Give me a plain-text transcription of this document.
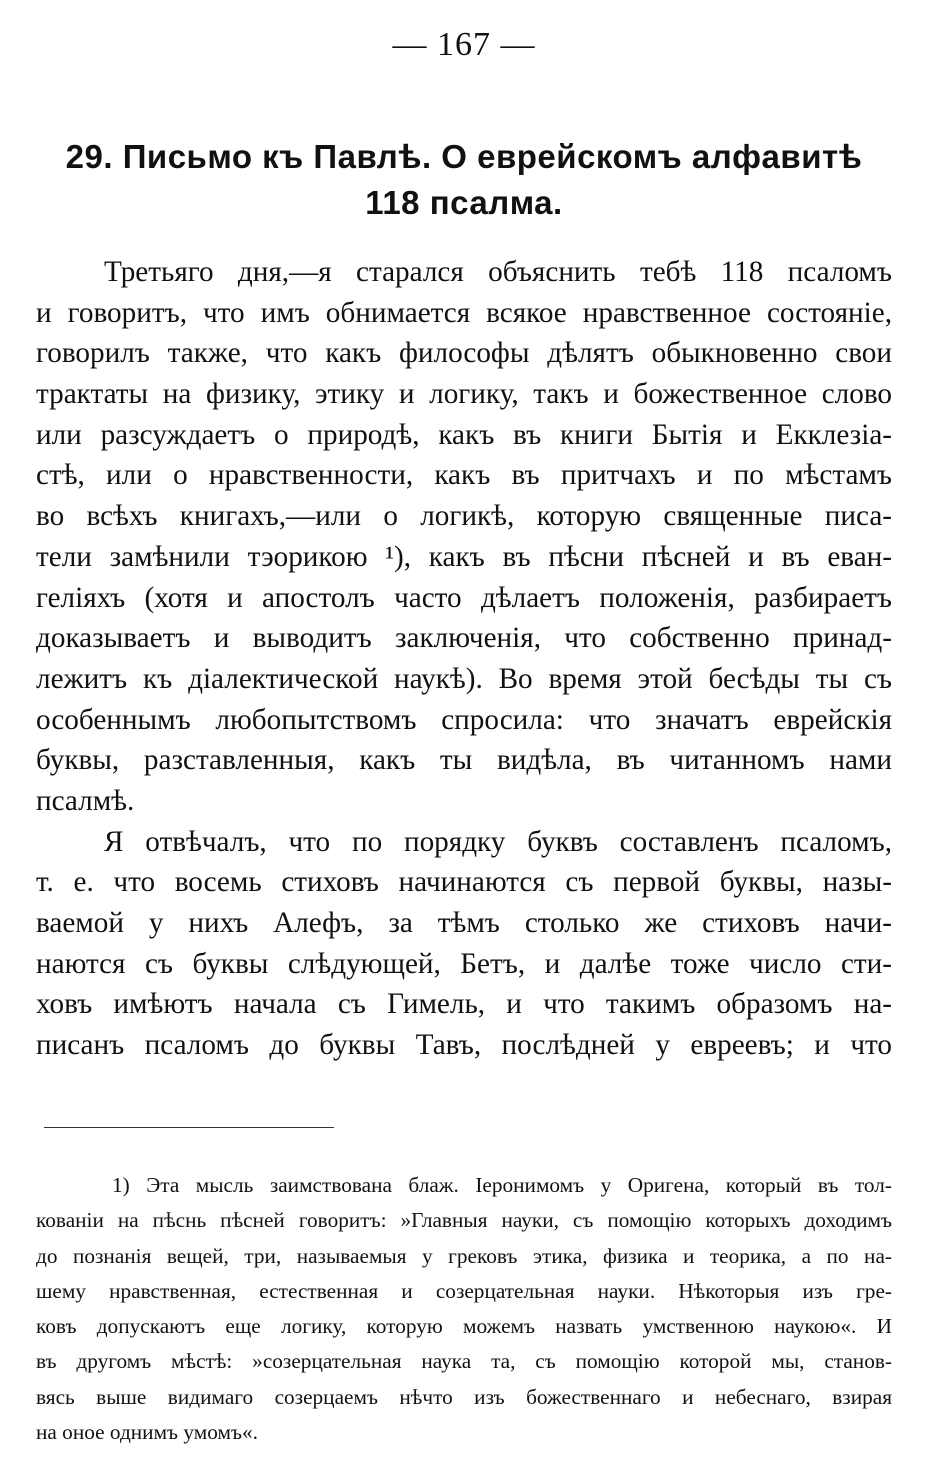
— 167 —
29. Письмо къ Павлѣ. О еврейскомъ алфавитѣ
118 псалма.
Третьяго дня,—я старался объяснить тебѣ 118 псаломъ
и говоритъ, что имъ обнимается всякое нравственное состояніе,
говорилъ также, что какъ философы дѣлятъ обыкновенно свои
трактаты на физику, этику и логику, такъ и божественное слово
или разсуждаетъ о природѣ, какъ въ книги Бытія и Екклезіа-
стѣ, или о нравственности, какъ въ притчахъ и по мѣстамъ
во всѣхъ книгахъ,—или о логикѣ, которую священные писа-
тели замѣнили тэорикою ¹), какъ въ пѣсни пѣсней и въ еван-
геліяхъ (хотя и апостолъ часто дѣлаетъ положенія, разбираетъ
доказываетъ и выводитъ заключенія, что собственно принад-
лежитъ къ діалектической наукѣ). Во время этой бесѣды ты съ
особеннымъ любопытствомъ спросила: что значатъ еврейскія
буквы, разставленныя, какъ ты видѣла, въ читанномъ нами
псалмѣ.
Я отвѣчалъ, что по порядку буквъ составленъ псаломъ,
т. е. что восемь стиховъ начинаются съ первой буквы, назы-
ваемой у нихъ Алефъ, за тѣмъ столько же стиховъ начи-
наются съ буквы слѣдующей, Бетъ, и далѣе тоже число сти-
ховъ имѣютъ начала съ Гимель, и что такимъ образомъ на-
писанъ псаломъ до буквы Тавъ, послѣдней у евреевъ; и что
1) Эта мысль заимствована блаж. Іеронимомъ у Оригена, который въ тол-
кованіи на пѣснь пѣсней говоритъ: »Главныя науки, съ помощію которыхъ доходимъ
до познанія вещей, три, называемыя у грековъ этика, физика и теорика, а по на-
шему нравственная, естественная и созерцательная науки. Нѣкоторыя изъ гре-
ковъ допускаютъ еще логику, которую можемъ назвать умственною наукою«. И
въ другомъ мѣстѣ: »созерцательная наука та, съ помощію которой мы, станов-
вясь выше видимаго созерцаемъ нѣчто изъ божественнаго и небеснаго, взирая
на оное однимъ умомъ«.
